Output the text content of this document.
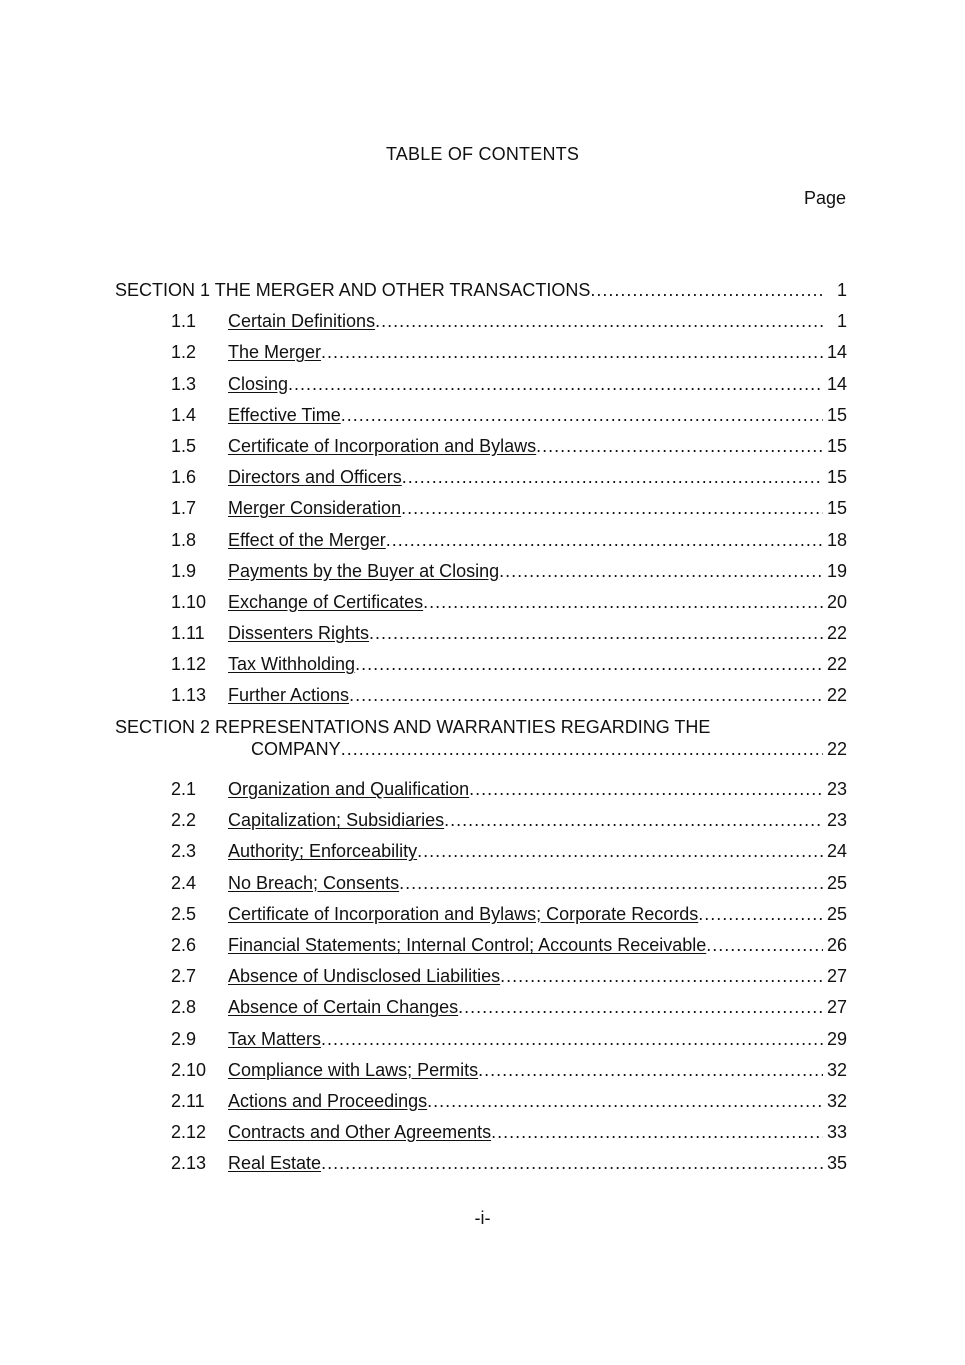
TABLE OF CONTENTS
Page
SECTION 1 THE MERGER AND OTHER TRANSACTIONS .....	1
1.1 Certain Definitions .....	1
1.2 The Merger .....	14
1.3 Closing .....	14
1.4 Effective Time .....	15
1.5 Certificate of Incorporation and Bylaws .....	15
1.6 Directors and Officers .....	15
1.7 Merger Consideration .....	15
1.8 Effect of the Merger .....	18
1.9 Payments by the Buyer at Closing .....	19
1.10 Exchange of Certificates .....	20
1.11 Dissenters Rights .....	22
1.12 Tax Withholding .....	22
1.13 Further Actions .....	22
SECTION 2 REPRESENTATIONS AND WARRANTIES REGARDING THE
COMPANY .....	22
2.1 Organization and Qualification .....	23
2.2 Capitalization; Subsidiaries .....	23
2.3 Authority; Enforceability .....	24
2.4 No Breach; Consents .....	25
2.5 Certificate of Incorporation and Bylaws; Corporate Records .....	25
2.6 Financial Statements; Internal Control; Accounts Receivable .....	26
2.7 Absence of Undisclosed Liabilities .....	27
2.8 Absence of Certain Changes .....	27
2.9 Tax Matters .....	29
2.10 Compliance with Laws; Permits .....	32
2.11 Actions and Proceedings .....	32
2.12 Contracts and Other Agreements .....	33
2.13 Real Estate .....	35
-i-
